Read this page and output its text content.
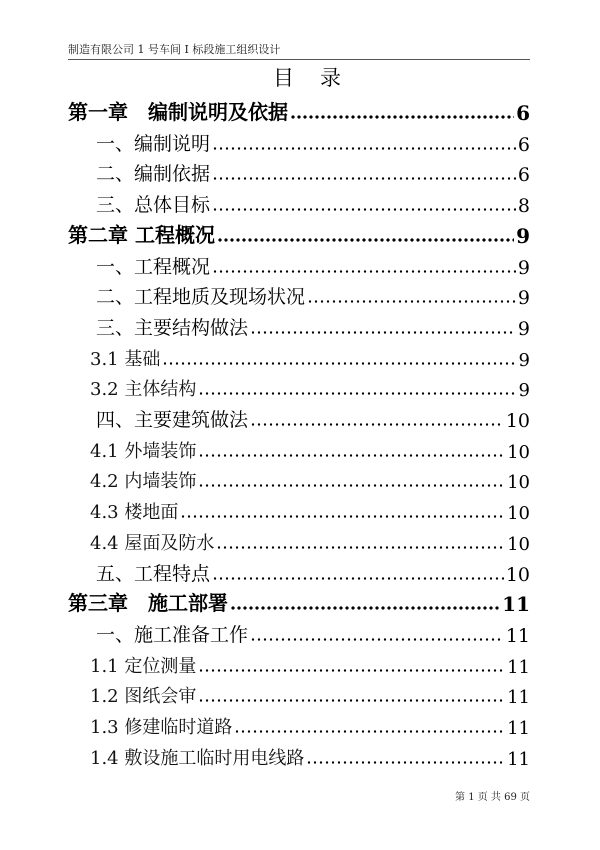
制造有限公司 1 号车间 I 标段施工组织设计
目录
第一章　编制说明及依据	6
一、编制说明	6
二、编制依据	6
三、总体目标	8
第二章 工程概况	9
一、工程概况	9
二、工程地质及现场状况	9
三、主要结构做法	9
3.1 基础	9
3.2 主体结构	9
四、主要建筑做法	10
4.1 外墙装饰	10
4.2 内墙装饰	10
4.3 楼地面	10
4.4 屋面及防水	10
五、工程特点	10
第三章　施工部署	11
一、施工准备工作	11
1.1 定位测量	11
1.2 图纸会审	11
1.3 修建临时道路	11
1.4 敷设施工临时用电线路	11
第 1 页 共 69 页
